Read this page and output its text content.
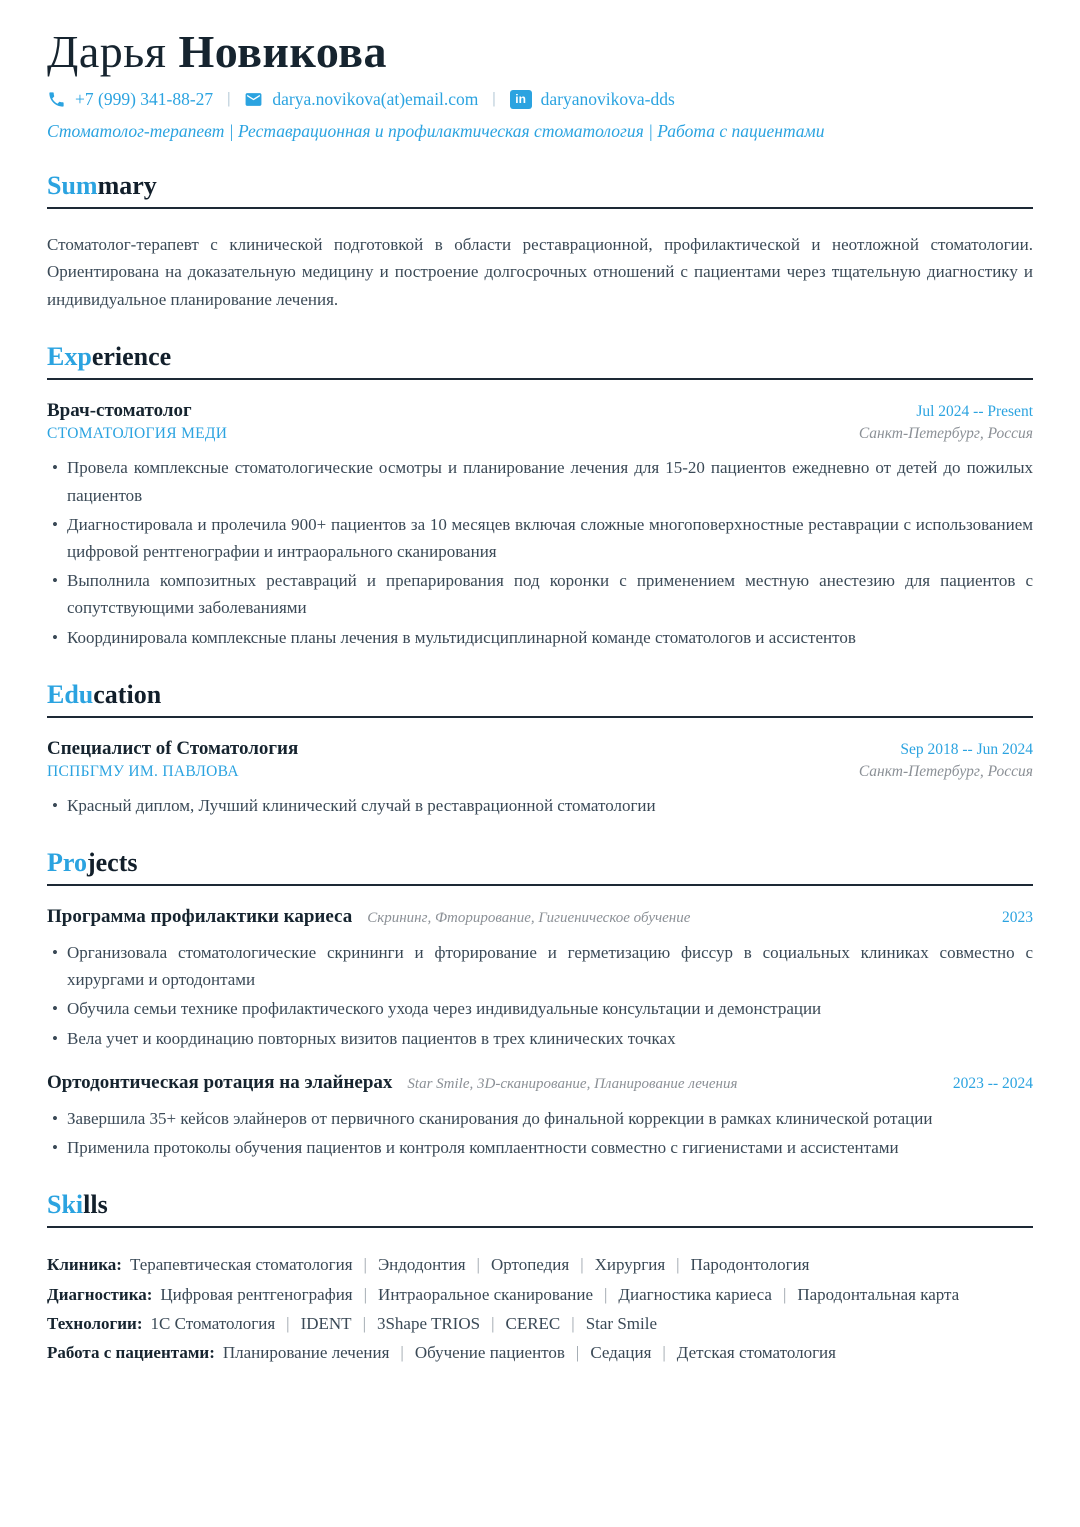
Дарья Новикова
+7 (999) 341-88-27 |	darya.novikova(at)email.com |	in daryanovikova-dds
Стоматолог-терапевт | Реставрационная и профилактическая стоматология | Работа с пациентами
Summary

Стоматолог-терапевт с клинической подготовкой в области реставрационной, профилактической и неотложной стоматологии. Ориентирована на доказательную медицину и построение долгосрочных отношений с пациентами через тщательную диагностику и индивидуальное планирование лечения.

Experience
Врач-стоматолог	Jul 2024 -- Present
СТОМАТОЛОГИЯ МЕДИ	Санкт-Петербург, Россия
• Провела комплексные стоматологические осмотры и планирование лечения для 15-20 пациентов ежедневно от детей до пожилых пациентов
• Диагностировала и пролечила 900+ пациентов за 10 месяцев включая сложные многоповерхностные реставрации с использованием цифровой рентгенографии и интраорального сканирования
• Выполнила композитных реставраций и препарирования под коронки с применением местную анестезию для пациентов с сопутствующими заболеваниями
• Координировала комплексные планы лечения в мультидисциплинарной команде стоматологов и ассистентов
Education
Специалист of Стоматология	Sep 2018 -- Jun 2024
ПСПБГМУ ИМ. ПАВЛОВА	Санкт-Петербург, Россия
• Красный диплом, Лучший клинический случай в реставрационной стоматологии
Projects
Программа профилактики кариеса Скрининг, Фторирование, Гигиеническое обучение	2023
• Организовала стоматологические скрининги и фторирование и герметизацию фиссур в социальных клиниках совместно с хирургами и ортодонтами
• Обучила семьи технике профилактического ухода через индивидуальные консультации и демонстрации
• Вела учет и координацию повторных визитов пациентов в трех клинических точках
Ортодонтическая ротация на элайнерах Star Smile, 3D-сканирование, Планирование лечения	2023 -- 2024
• Завершила 35+ кейсов элайнеров от первичного сканирования до финальной коррекции в рамках клинической ротации
• Применила протоколы обучения пациентов и контроля комплаентности совместно с гигиенистами и ассистентами
Skills
Клиника: Терапевтическая стоматология | Эндодонтия | Ортопедия | Хирургия | Пародонтология
Диагностика: Цифровая рентгенография | Интраоральное сканирование | Диагностика кариеса | Пародонтальная карта
Технологии: 1С Стоматология | IDENT | 3Shape TRIOS | CEREC | Star Smile
Работа с пациентами: Планирование лечения | Обучение пациентов | Седация | Детская стоматология
